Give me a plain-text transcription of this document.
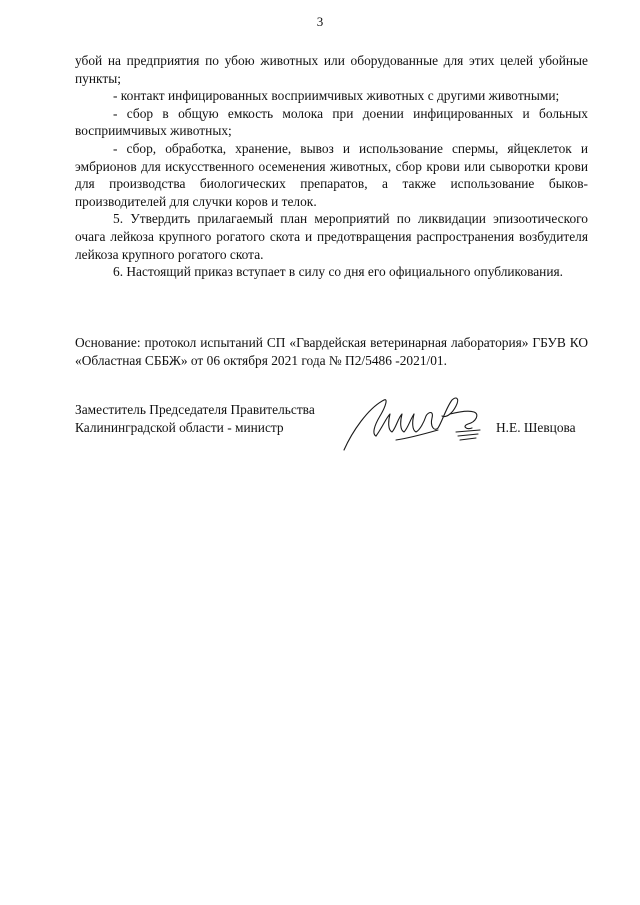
3

убой на предприятия по убою животных или оборудованные для этих целей убойные пункты;

- контакт инфицированных восприимчивых животных с другими животными;

- сбор в общую емкость молока при доении инфицированных и больных восприимчивых животных;

- сбор, обработка, хранение, вывоз и использование спермы, яйцеклеток и эмбрионов для искусственного осеменения животных, сбор крови или сыворотки крови для производства биологических препаратов, а также использование быков-производителей для случки коров и телок.

5. Утвердить прилагаемый план мероприятий по ликвидации эпизоотического очага лейкоза крупного рогатого скота и предотвращения распространения возбудителя лейкоза крупного рогатого скота.

6. Настоящий приказ вступает в силу со дня его официального опубликования.

Основание: протокол испытаний СП «Гвардейская ветеринарная лаборатория» ГБУВ КО «Областная СББЖ» от 06 октября 2021 года № П2/5486 -2021/01.
Заместитель Председателя Правительства
Калининградской области - министр	Н.Е. Шевцова
